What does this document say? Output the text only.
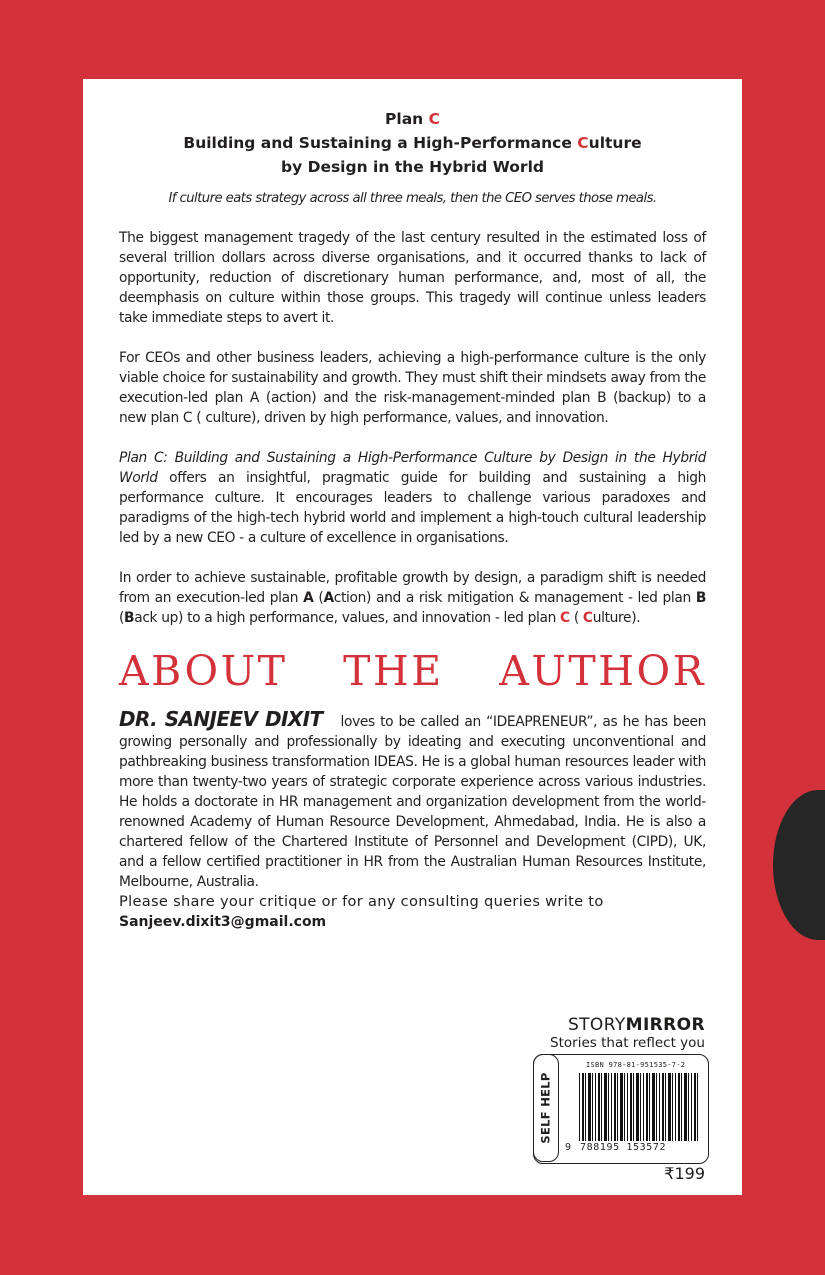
Plan C
Building and Sustaining a High-Performance Culture
by Design in the Hybrid World
If culture eats strategy across all three meals, then the CEO serves those meals.

The biggest management tragedy of the last century resulted in the estimated loss of several trillion dollars across diverse organisations, and it occurred thanks to lack of opportunity, reduction of discretionary human performance, and, most of all, the deemphasis on culture within those groups. This tragedy will continue unless leaders take immediate steps to avert it.

For CEOs and other business leaders, achieving a high-performance culture is the only viable choice for sustainability and growth. They must shift their mindsets away from the execution-led plan A (action) and the risk-management-minded plan B (backup) to a new plan C ( culture), driven by high performance, values, and innovation.

Plan C: Building and Sustaining a High-Performance Culture by Design in the Hybrid World offers an insightful, pragmatic guide for building and sustaining a high performance culture. It encourages leaders to challenge various paradoxes and paradigms of the high-tech hybrid world and implement a high-touch cultural leadership led by a new CEO - a culture of excellence in organisations.

In order to achieve sustainable, profitable growth by design, a paradigm shift is needed from an execution-led plan A (Action) and a risk mitigation & management - led plan B (Back up) to a high performance, values, and innovation - led plan C ( Culture).

ABOUT THE AUTHOR

DR. SANJEEV DIXIT loves to be called an “IDEAPRENEUR”, as he has been growing personally and professionally by ideating and executing unconventional and pathbreaking business transformation IDEAS. He is a global human resources leader with more than twenty-two years of strategic corporate experience across various industries. He holds a doctorate in HR management and organization development from the world-renowned Academy of Human Resource Development, Ahmedabad, India. He is also a chartered fellow of the Chartered Institute of Personnel and Development (CIPD), UK, and a fellow certified practitioner in HR from the Australian Human Resources Institute, Melbourne, Australia.

Please share your critique or for any consulting queries write to
Sanjeev.dixit3@gmail.com
STORYMIRROR
Stories that reflect you
SELF HELP
ISBN 978-81-951535-7-2
9 788195 153572
₹199
